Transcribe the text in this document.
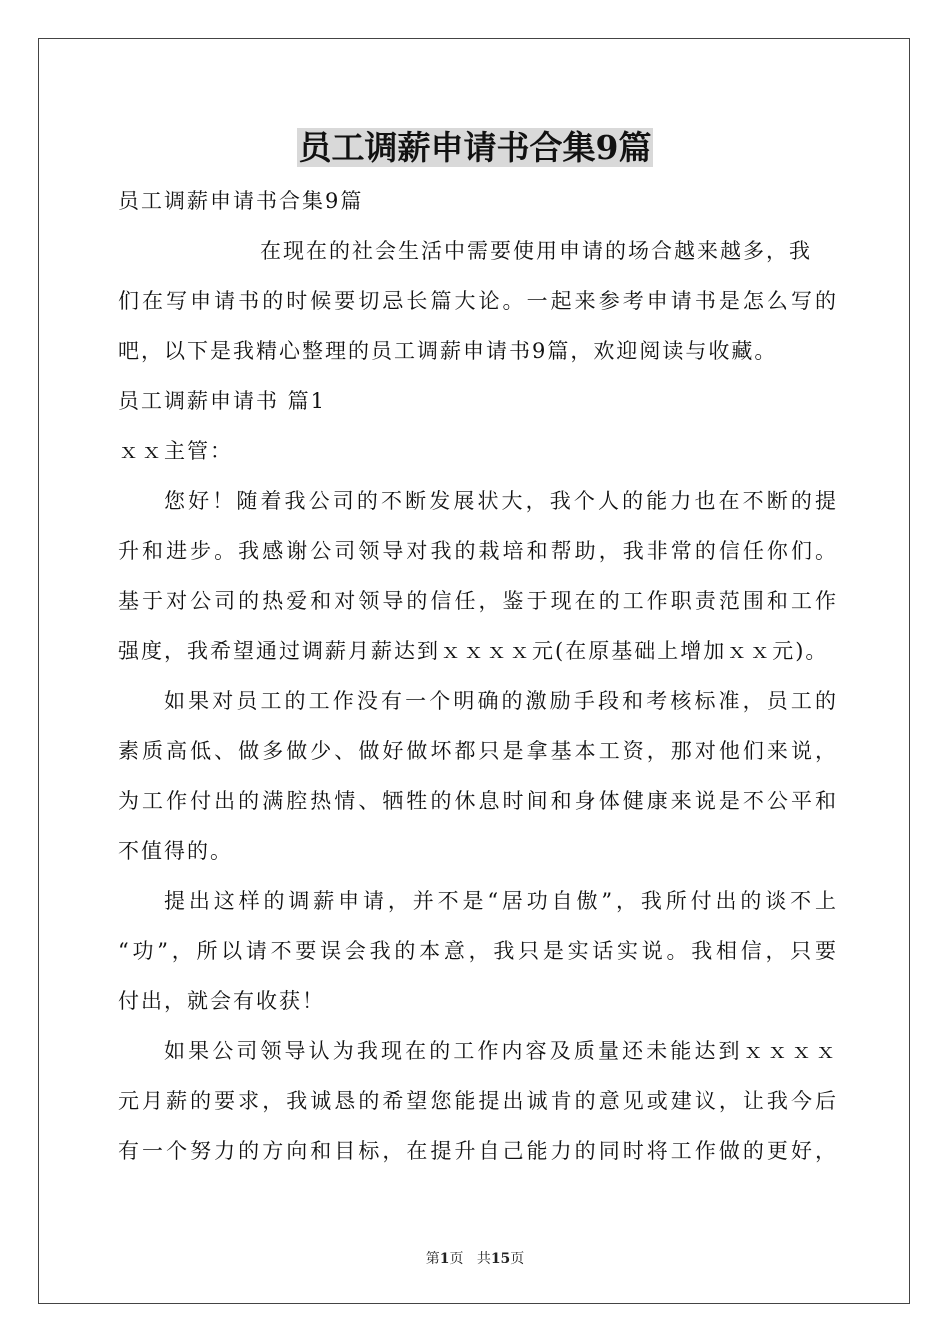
员工调薪申请书合集9篇
员工调薪申请书合集9篇
在现在的社会生活中需要使用申请的场合越来越多，我
们在写申请书的时候要切忌长篇大论。一起来参考申请书是怎么写的
吧，以下是我精心整理的员工调薪申请书9篇，欢迎阅读与收藏。
员工调薪申请书 篇1
ｘｘ主管：
您好！随着我公司的不断发展状大，我个人的能力也在不断的提
升和进步。我感谢公司领导对我的栽培和帮助，我非常的信任你们。
基于对公司的热爱和对领导的信任，鉴于现在的工作职责范围和工作
强度，我希望通过调薪月薪达到ｘｘｘｘ元(在原基础上增加ｘｘ元)。
如果对员工的工作没有一个明确的激励手段和考核标准，员工的
素质高低、做多做少、做好做坏都只是拿基本工资，那对他们来说，
为工作付出的满腔热情、牺牲的休息时间和身体健康来说是不公平和
不值得的。
提出这样的调薪申请，并不是“居功自傲”，我所付出的谈不上
“功”，所以请不要误会我的本意，我只是实话实说。我相信，只要
付出，就会有收获！
如果公司领导认为我现在的工作内容及质量还未能达到ｘｘｘｘ
元月薪的要求，我诚恳的希望您能提出诚肯的意见或建议，让我今后
有一个努力的方向和目标，在提升自己能力的同时将工作做的更好，
第1页 共15页
